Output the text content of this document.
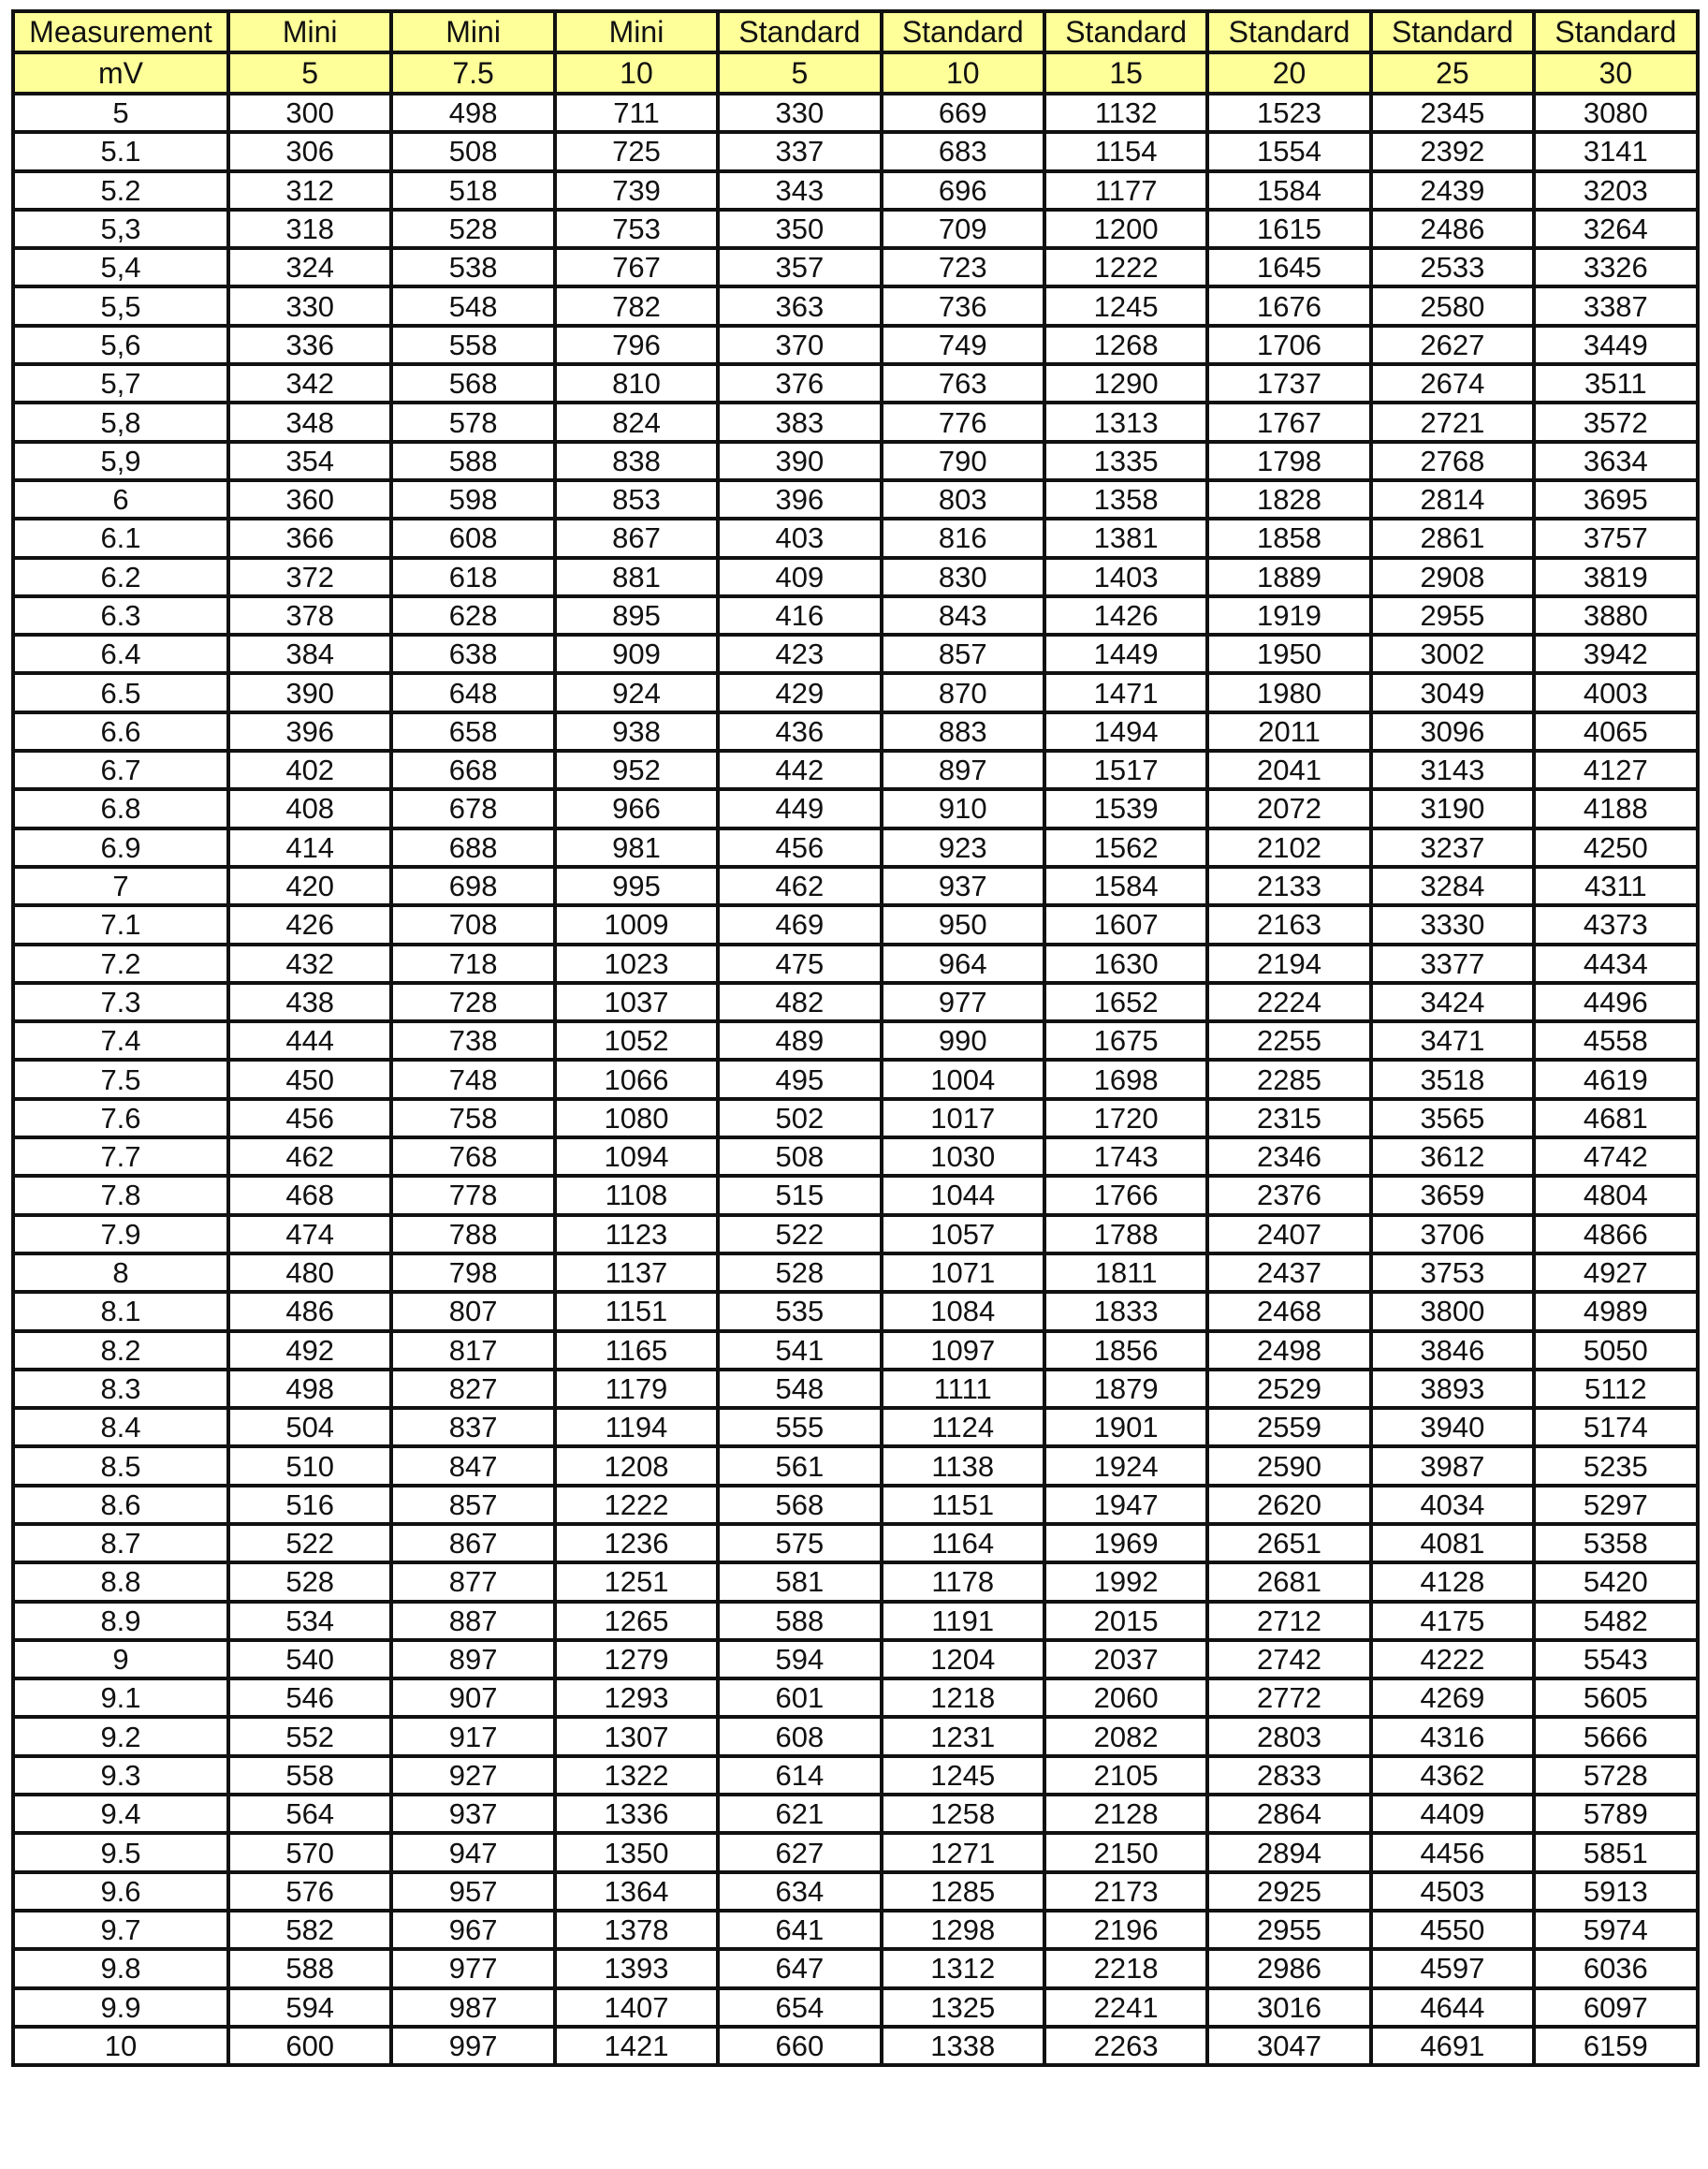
Measurement	Mini	Mini	Mini	Standard	Standard	Standard	Standard	Standard	Standard
mV	5	7.5	10	5	10	15	20	25	30
5	300	498	711	330	669	1132	1523	2345	3080
5.1	306	508	725	337	683	1154	1554	2392	3141
5.2	312	518	739	343	696	1177	1584	2439	3203
5,3	318	528	753	350	709	1200	1615	2486	3264
5,4	324	538	767	357	723	1222	1645	2533	3326
5,5	330	548	782	363	736	1245	1676	2580	3387
5,6	336	558	796	370	749	1268	1706	2627	3449
5,7	342	568	810	376	763	1290	1737	2674	3511
5,8	348	578	824	383	776	1313	1767	2721	3572
5,9	354	588	838	390	790	1335	1798	2768	3634
6	360	598	853	396	803	1358	1828	2814	3695
6.1	366	608	867	403	816	1381	1858	2861	3757
6.2	372	618	881	409	830	1403	1889	2908	3819
6.3	378	628	895	416	843	1426	1919	2955	3880
6.4	384	638	909	423	857	1449	1950	3002	3942
6.5	390	648	924	429	870	1471	1980	3049	4003
6.6	396	658	938	436	883	1494	2011	3096	4065
6.7	402	668	952	442	897	1517	2041	3143	4127
6.8	408	678	966	449	910	1539	2072	3190	4188
6.9	414	688	981	456	923	1562	2102	3237	4250
7	420	698	995	462	937	1584	2133	3284	4311
7.1	426	708	1009	469	950	1607	2163	3330	4373
7.2	432	718	1023	475	964	1630	2194	3377	4434
7.3	438	728	1037	482	977	1652	2224	3424	4496
7.4	444	738	1052	489	990	1675	2255	3471	4558
7.5	450	748	1066	495	1004	1698	2285	3518	4619
7.6	456	758	1080	502	1017	1720	2315	3565	4681
7.7	462	768	1094	508	1030	1743	2346	3612	4742
7.8	468	778	1108	515	1044	1766	2376	3659	4804
7.9	474	788	1123	522	1057	1788	2407	3706	4866
8	480	798	1137	528	1071	1811	2437	3753	4927
8.1	486	807	1151	535	1084	1833	2468	3800	4989
8.2	492	817	1165	541	1097	1856	2498	3846	5050
8.3	498	827	1179	548	1111	1879	2529	3893	5112
8.4	504	837	1194	555	1124	1901	2559	3940	5174
8.5	510	847	1208	561	1138	1924	2590	3987	5235
8.6	516	857	1222	568	1151	1947	2620	4034	5297
8.7	522	867	1236	575	1164	1969	2651	4081	5358
8.8	528	877	1251	581	1178	1992	2681	4128	5420
8.9	534	887	1265	588	1191	2015	2712	4175	5482
9	540	897	1279	594	1204	2037	2742	4222	5543
9.1	546	907	1293	601	1218	2060	2772	4269	5605
9.2	552	917	1307	608	1231	2082	2803	4316	5666
9.3	558	927	1322	614	1245	2105	2833	4362	5728
9.4	564	937	1336	621	1258	2128	2864	4409	5789
9.5	570	947	1350	627	1271	2150	2894	4456	5851
9.6	576	957	1364	634	1285	2173	2925	4503	5913
9.7	582	967	1378	641	1298	2196	2955	4550	5974
9.8	588	977	1393	647	1312	2218	2986	4597	6036
9.9	594	987	1407	654	1325	2241	3016	4644	6097
10	600	997	1421	660	1338	2263	3047	4691	6159
